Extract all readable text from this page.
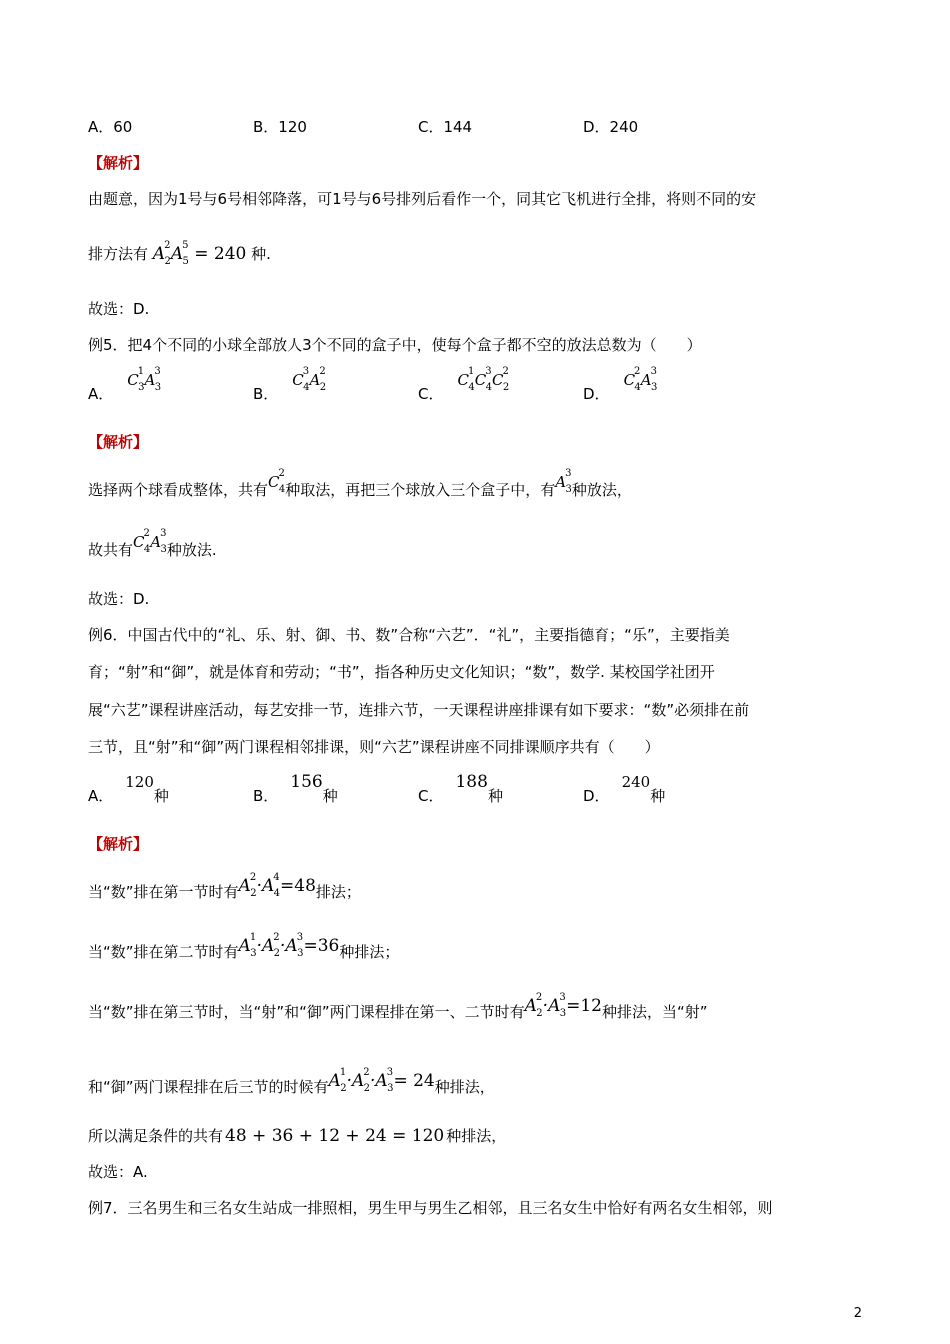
A．60	B．120	C．144	D．240
【解析】
由题意，因为1号与6号相邻降落，可1号与6号排列后看作一个，同其它飞机进行全排，将则不同的安
排方法有 $A^2_2A^5_5 = 240$ 种.
故选：D.
例5．把4个不同的小球全部放人3个不同的盒子中，使每个盒子都不空的放法总数为（　　）
A．$C^1_3A^3_3$	B．$C^3_4A^2_2$	C．$C^1_4C^3_4C^2_2$	D．$C^2_4A^3_3$
【解析】
选择两个球看成整体，共有$C^2_4$种取法，再把三个球放入三个盒子中，有$A^3_3$种放法，
故共有$C^2_4A^3_3$种放法.
故选：D.
例6．中国古代中的“礼、乐、射、御、书、数”合称“六艺”．“礼”，主要指德育；“乐”，主要指美
育；“射”和“御”，就是体育和劳动；“书”，指各种历史文化知识；“数”，数学. 某校国学社团开
展“六艺”课程讲座活动，每艺安排一节，连排六节，一天课程讲座排课有如下要求：“数”必须排在前
三节，且“射”和“御”两门课程相邻排课，则“六艺”课程讲座不同排课顺序共有（　　）
A．120种	B．156种	C．188种	D．240种
【解析】
当“数”排在第一节时有$A^2_2\cdot A^4_4=48$排法；
当“数”排在第二节时有$A^1_3\cdot A^2_2\cdot A^3_3=36$种排法；
当“数”排在第三节时，当“射”和“御”两门课程排在第一、二节时有$A^2_2\cdot A^3_3=12$种排法，当“射”
和“御”两门课程排在后三节的时候有$A^1_2\cdot A^2_2\cdot A^3_3= 24$种排法，
所以满足条件的共有 48 + 36 + 12 + 24 = 120 种排法，
故选：A.
例7．三名男生和三名女生站成一排照相，男生甲与男生乙相邻，且三名女生中恰好有两名女生相邻，则
2
